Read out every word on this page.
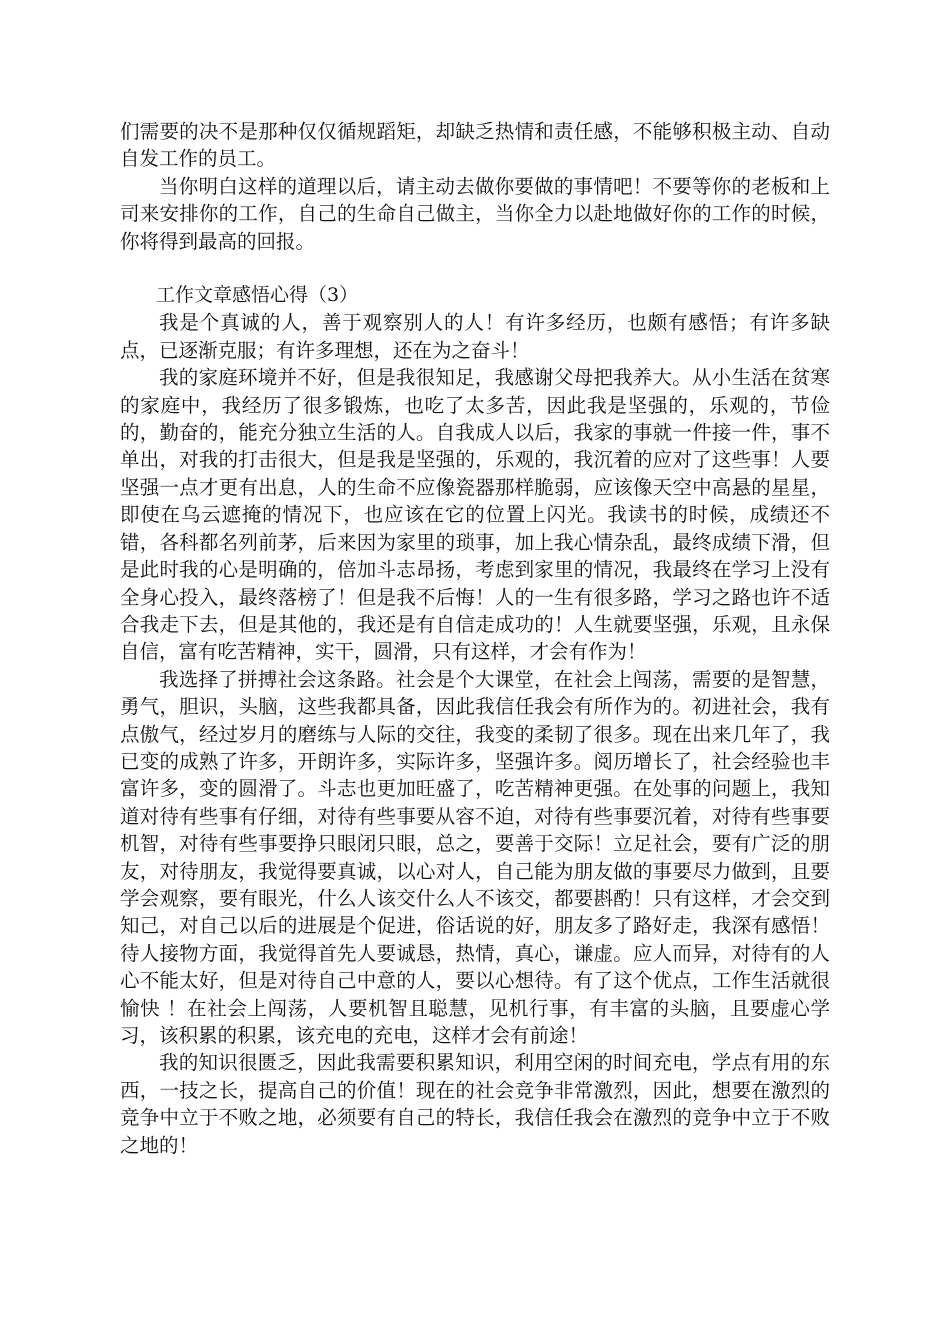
们需要的决不是那种仅仅循规蹈矩，却缺乏热情和责任感，不能够积极主动、自动自发工作的员工。

当你明白这样的道理以后，请主动去做你要做的事情吧！不要等你的老板和上司来安排你的工作，自己的生命自己做主，当你全力以赴地做好你的工作的时候，你将得到最高的回报。

工作文章感悟心得（3）

我是个真诚的人，善于观察别人的人！有许多经历，也颇有感悟；有许多缺点，已逐渐克服；有许多理想，还在为之奋斗！

我的家庭环境并不好，但是我很知足，我感谢父母把我养大。从小生活在贫寒的家庭中，我经历了很多锻炼，也吃了太多苦，因此我是坚强的，乐观的，节俭的，勤奋的，能充分独立生活的人。自我成人以后，我家的事就一件接一件，事不单出，对我的打击很大，但是我是坚强的，乐观的，我沉着的应对了这些事！人要坚强一点才更有出息，人的生命不应像瓷器那样脆弱，应该像天空中高悬的星星，即使在乌云遮掩的情况下，也应该在它的位置上闪光。我读书的时候，成绩还不错，各科都名列前茅，后来因为家里的琐事，加上我心情杂乱，最终成绩下滑，但是此时我的心是明确的，倍加斗志昂扬，考虑到家里的情况，我最终在学习上没有全身心投入，最终落榜了！但是我不后悔！人的一生有很多路，学习之路也许不适合我走下去，但是其他的，我还是有自信走成功的！人生就要坚强，乐观，且永保自信，富有吃苦精神，实干，圆滑，只有这样，才会有作为！

我选择了拼搏社会这条路。社会是个大课堂，在社会上闯荡，需要的是智慧，勇气，胆识，头脑，这些我都具备，因此我信任我会有所作为的。初进社会，我有点傲气，经过岁月的磨练与人际的交往，我变的柔韧了很多。现在出来几年了，我已变的成熟了许多，开朗许多，实际许多，坚强许多。阅历增长了，社会经验也丰富许多，变的圆滑了。斗志也更加旺盛了，吃苦精神更强。在处事的问题上，我知道对待有些事有仔细，对待有些事要从容不迫，对待有些事要沉着，对待有些事要机智，对待有些事要挣只眼闭只眼，总之，要善于交际！立足社会，要有广泛的朋友，对待朋友，我觉得要真诚，以心对人，自己能为朋友做的事要尽力做到，且要学会观察，要有眼光，什么人该交什么人不该交，都要斟酌！只有这样，才会交到知己，对自己以后的进展是个促进，俗话说的好，朋友多了路好走，我深有感悟！待人接物方面，我觉得首先人要诚恳，热情，真心，谦虚。应人而异，对待有的人心不能太好，但是对待自己中意的人，要以心想待。有了这个优点，工作生活就很愉快 ！在社会上闯荡，人要机智且聪慧，见机行事，有丰富的头脑，且要虚心学习，该积累的积累，该充电的充电，这样才会有前途！

我的知识很匮乏，因此我需要积累知识，利用空闲的时间充电，学点有用的东西，一技之长，提高自己的价值！现在的社会竞争非常激烈，因此，想要在激烈的竞争中立于不败之地，必须要有自己的特长，我信任我会在激烈的竞争中立于不败之地的！
